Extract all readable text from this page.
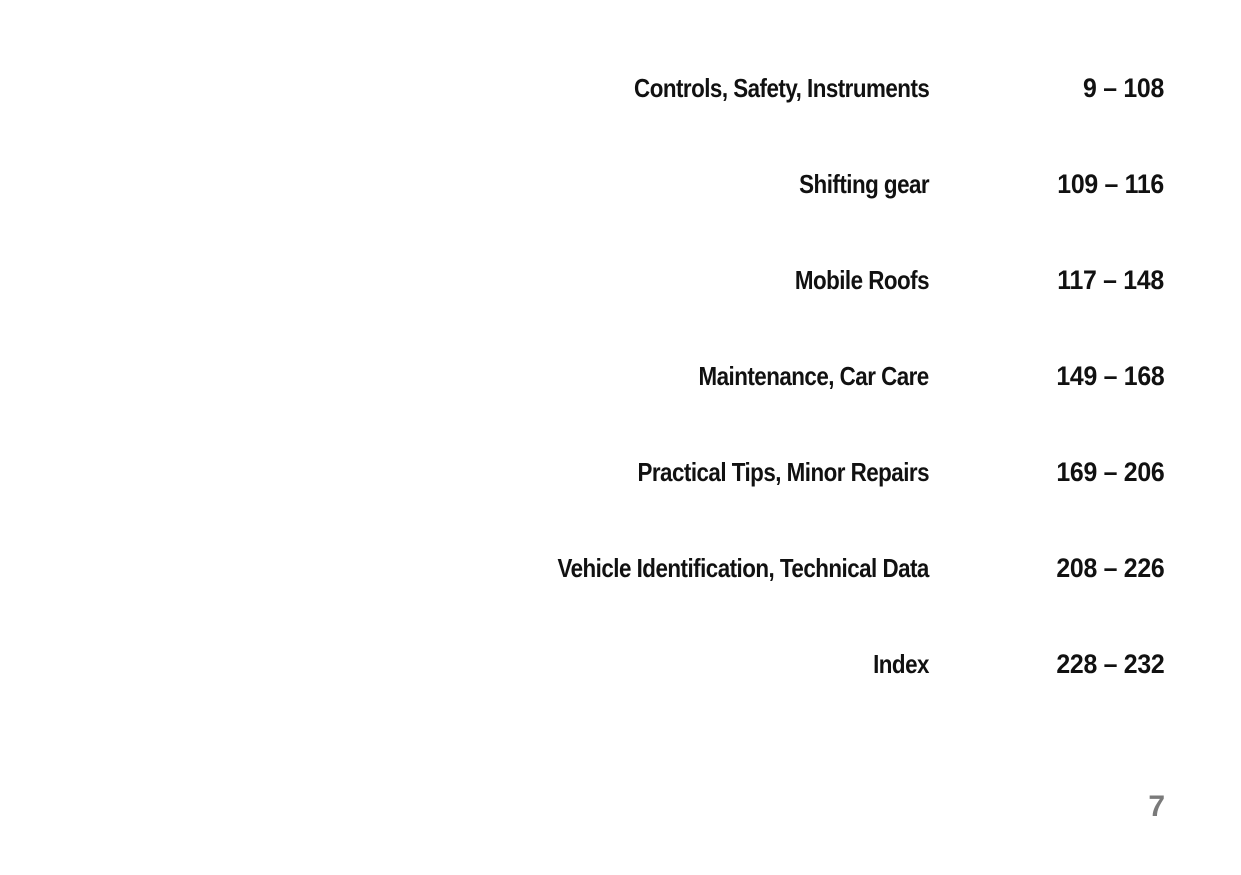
Controls, Safety, Instruments	9 – 108
Shifting gear	109 – 116
Mobile Roofs	117 – 148
Maintenance, Car Care	149 – 168
Practical Tips, Minor Repairs	169 – 206
Vehicle Identification, Technical Data	208 – 226
Index	228 – 232
7
